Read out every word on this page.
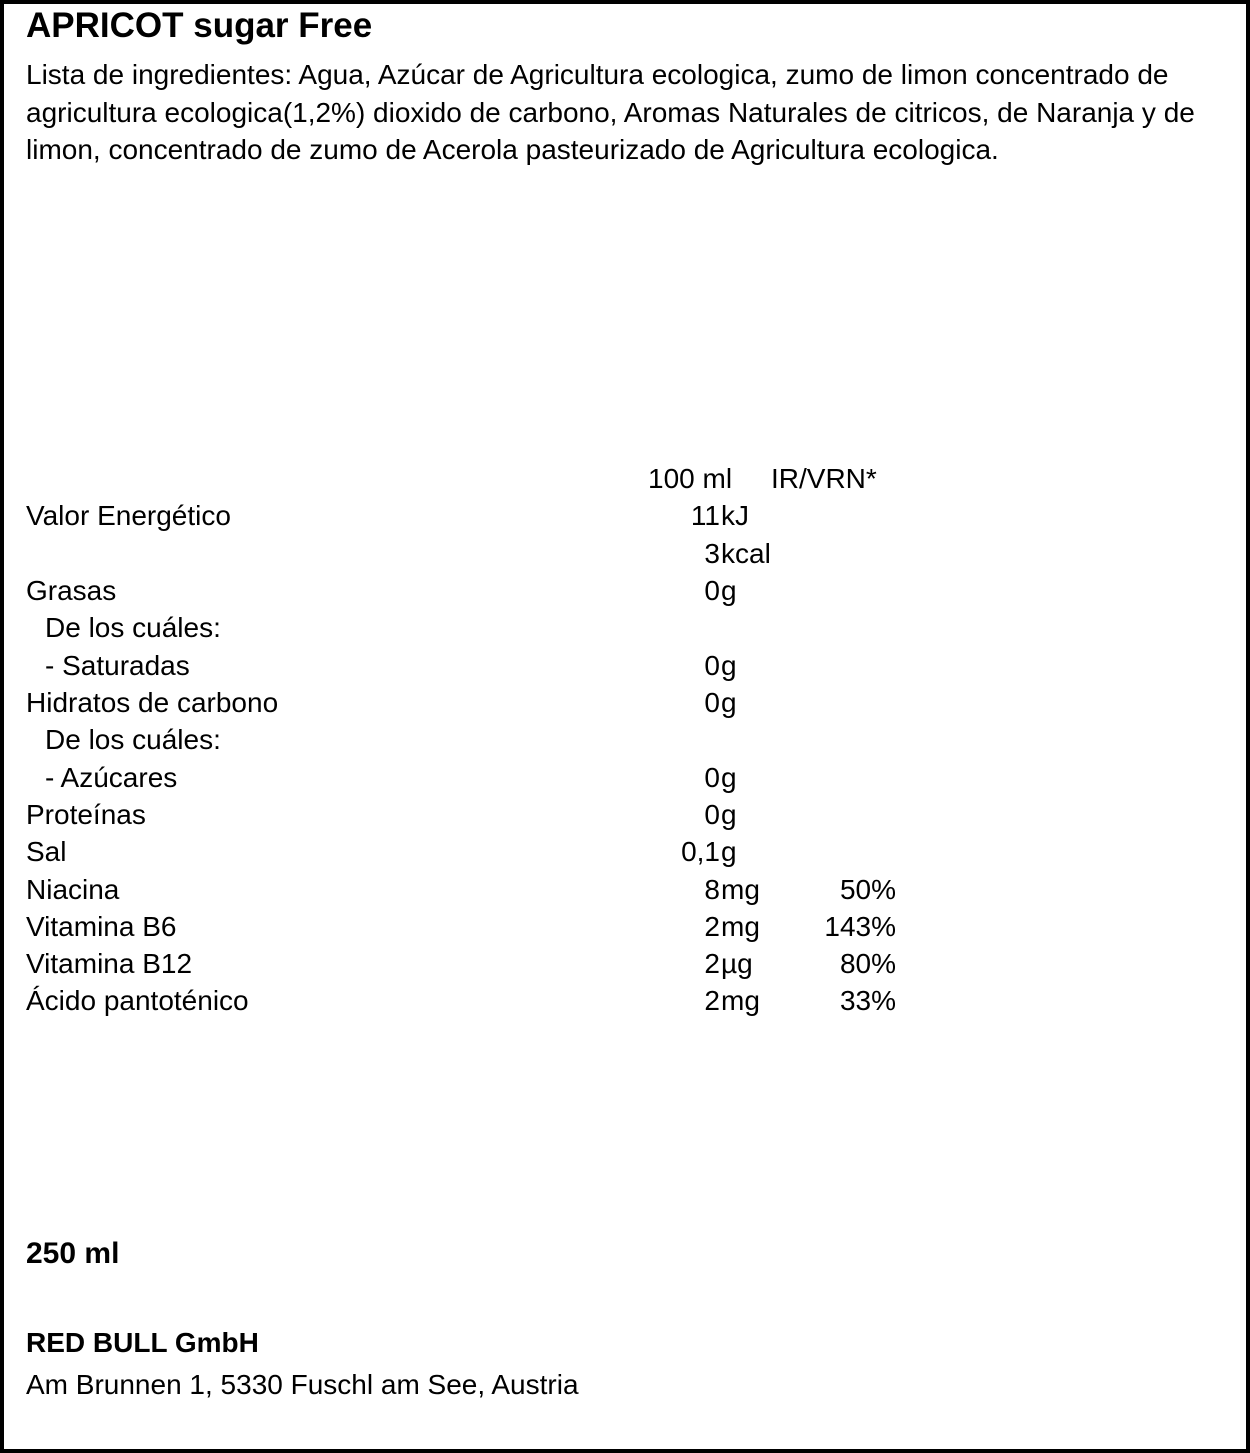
APRICOT sugar Free

Lista de ingredientes: Agua, Azúcar de Agricultura ecologica, zumo de limon concentrado de agricultura ecologica(1,2%) dioxido de carbono, Aromas Naturales de citricos, de Naranja y de limon, concentrado de zumo de Acerola pasteurizado de Agricultura ecologica.

100 ml IR/VRN*
Valor Energético	11 kJ
3 kcal
Grasas	0 g
De los cuáles:
- Saturadas	0 g
Hidratos de carbono	0 g
De los cuáles:
- Azúcares	0 g
Proteínas	0 g
Sal	0,1 g
Niacina	8 mg	50%
Vitamina B6	2 mg 143%
Vitamina B12	2 µg	80%
Ácido pantoténico	2 mg	33%
250 ml
RED BULL GmbH
Am Brunnen 1, 5330 Fuschl am See, Austria
